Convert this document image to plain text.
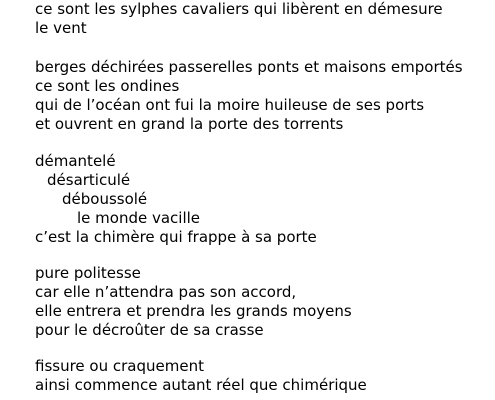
ce sont les sylphes cavaliers qui libèrent en démesure
le vent
berges déchirées passerelles ponts et maisons emportés
ce sont les ondines
qui de l’océan ont fui la moire huileuse de ses ports
et ouvrent en grand la porte des torrents
démantelé
désarticulé
déboussolé
le monde vacille
c’est la chimère qui frappe à sa porte
pure politesse
car elle n’attendra pas son accord,
elle entrera et prendra les grands moyens
pour le décroûter de sa crasse
fissure ou craquement
ainsi commence autant réel que chimérique
